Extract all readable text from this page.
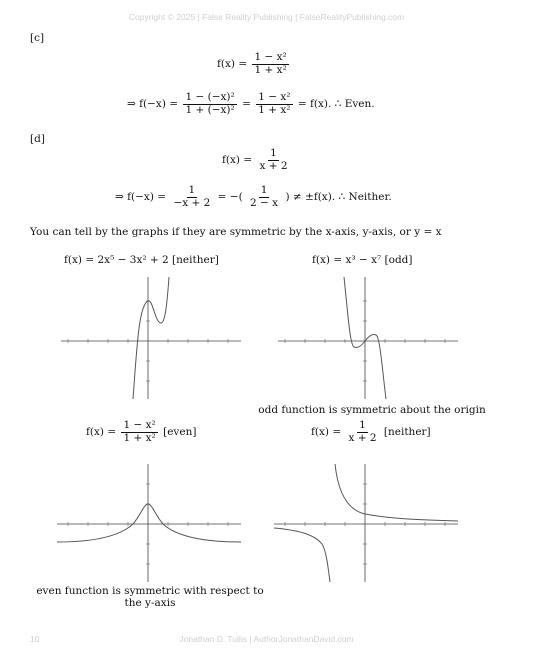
Copyright © 2025 | False Reality Publishing | FalseRealityPublishing.com
[c]
$f(x) = \frac{\text{1 − x²}}{\text{1 + x²}}$
⇒ $f(-x) = \frac{\text{1 − (−x)²}}{\text{1 + (−x)²}} = \frac{\text{1 − x²}}{\text{1 + x²}} = f(x)$. ∴ Even.
[d]
$f(x) = \frac{1}{x + 2}$
⇒ $f(-x) = \frac{1}{-x + 2}$ = −( $\frac{1}{2 - x}$ ) ≠ ±f(x). ∴ Neither.
You can tell by the graphs if they are symmetric by the x-axis, y-axis, or y = x
f(x) = 2x⁵ − 3x² + 2 [neither]	f(x) = x³ − x⁷ [odd]
$f(x) = \frac{\text{1 − x²}}{\text{1 + x²}}$ [even]	$f(x) = \frac{1}{x + 2}$ [neither]
odd function is symmetric about the origin
even function is symmetric with respect to the y-axis
10	Jonathan D. Tullis | AuthorJonathanDavid.com
